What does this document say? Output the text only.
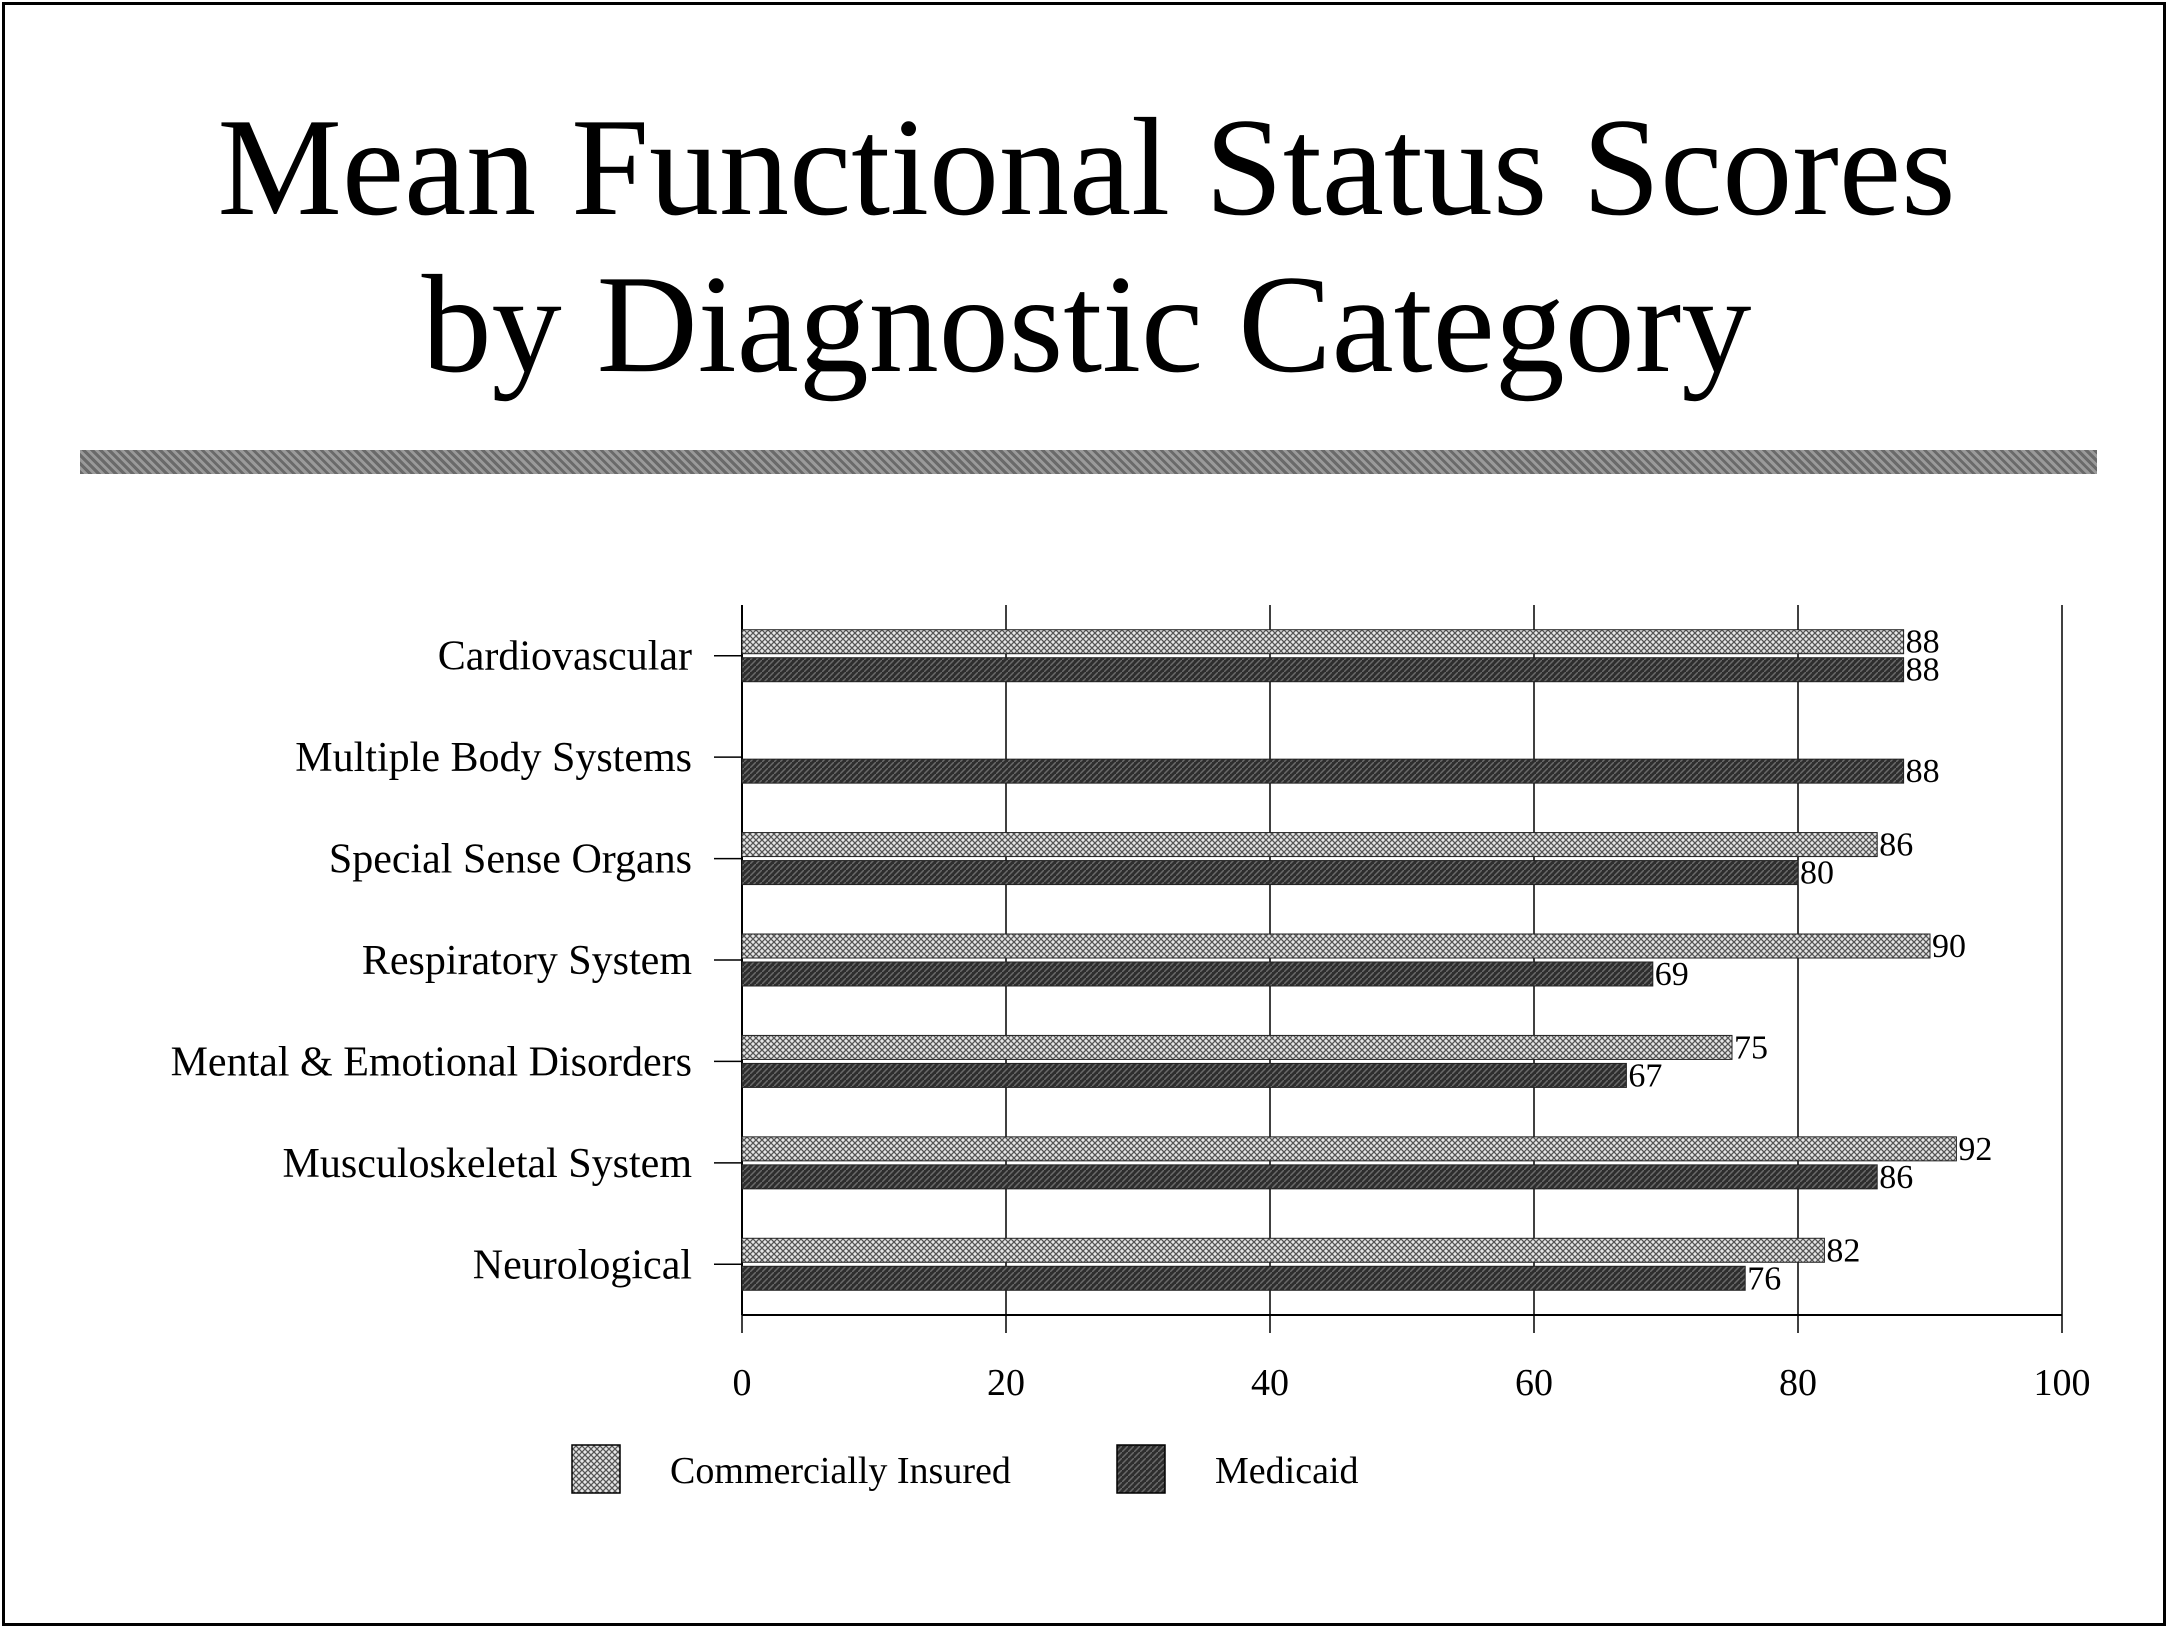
Mean Functional Status Scores
by Diagnostic Category
0	20	40	60	80	100
Cardiovascular	88
88
Multiple Body Systems	88
Special Sense Organs	86
80
Respiratory System	90
69
Mental & Emotional Disorders	75
67
Musculoskeletal System	92
86
Neurological	82
76
Commercially Insured	Medicaid
